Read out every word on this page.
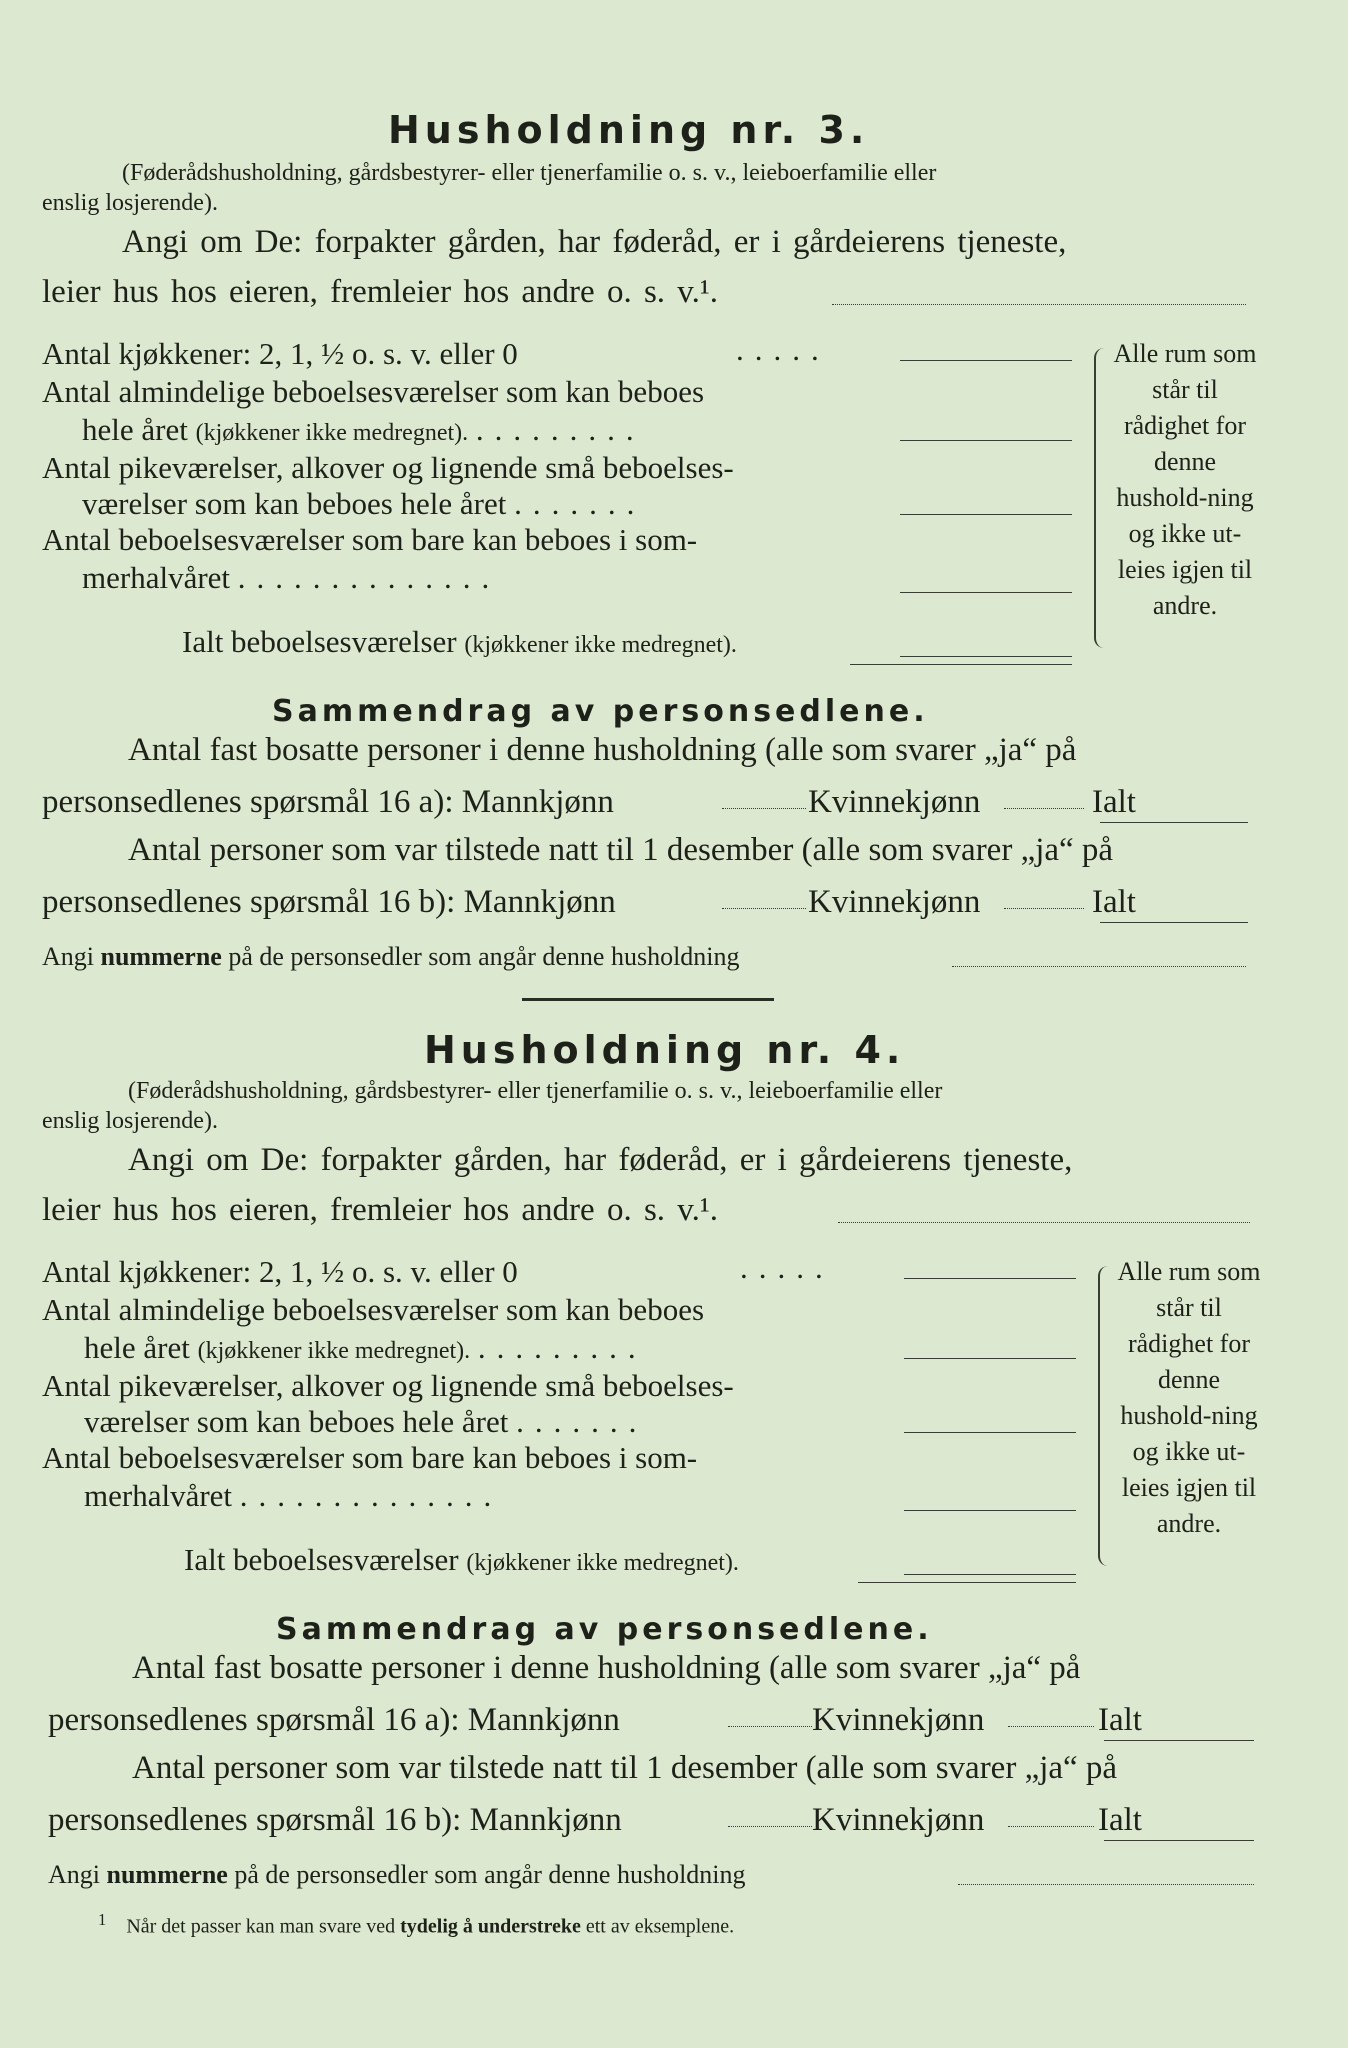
Husholdning nr. 3.
(Føderådshusholdning, gårdsbestyrer- eller tjenerfamilie o. s. v., leieboerfamilie eller
enslig losjerende).
Angi om De: forpakter gården, har føderåd, er i gårdeierens tjeneste,
leier hus hos eieren, fremleier hos andre o. s. v.¹.
Antal kjøkkener: 2, 1, ½ o. s. v. eller 0	.....
Antal almindelige beboelsesværelser som kan beboes
hele året (kjøkkener ikke medregnet). .........
Antal pikeværelser, alkover og lignende små beboelses-
værelser som kan beboes hele året .......
Antal beboelsesværelser som bare kan beboes i som-
merhalvåret ..............
Ialt beboelsesværelser (kjøkkener ikke medregnet).
Alle rum som står til rådighet for denne hushold-ning og ikke ut-leies igjen til andre.
Sammendrag av personsedlene.
Antal fast bosatte personer i denne husholdning (alle som svarer „ja“ på
personsedlenes spørsmål 16 a): Mannkjønn	Kvinnekjønn	Ialt
Antal personer som var tilstede natt til 1 desember (alle som svarer „ja“ på
personsedlenes spørsmål 16 b): Mannkjønn	Kvinnekjønn	Ialt
Angi nummerne på de personsedler som angår denne husholdning
Husholdning nr. 4.
(Føderådshusholdning, gårdsbestyrer- eller tjenerfamilie o. s. v., leieboerfamilie eller
enslig losjerende).
Angi om De: forpakter gården, har føderåd, er i gårdeierens tjeneste,
leier hus hos eieren, fremleier hos andre o. s. v.¹.
Antal kjøkkener: 2, 1, ½ o. s. v. eller 0	.....
Antal almindelige beboelsesværelser som kan beboes
hele året (kjøkkener ikke medregnet). .........
Antal pikeværelser, alkover og lignende små beboelses-
værelser som kan beboes hele året .......
Antal beboelsesværelser som bare kan beboes i som-
merhalvåret ..............
Ialt beboelsesværelser (kjøkkener ikke medregnet).
Alle rum som står til rådighet for denne hushold-ning og ikke ut-leies igjen til andre.
Sammendrag av personsedlene.
Antal fast bosatte personer i denne husholdning (alle som svarer „ja“ på
personsedlenes spørsmål 16 a): Mannkjønn	Kvinnekjønn	Ialt
Antal personer som var tilstede natt til 1 desember (alle som svarer „ja“ på
personsedlenes spørsmål 16 b): Mannkjønn	Kvinnekjønn	Ialt
Angi nummerne på de personsedler som angår denne husholdning
$^1$ Når det passer kan man svare ved tydelig å understreke ett av eksemplene.
